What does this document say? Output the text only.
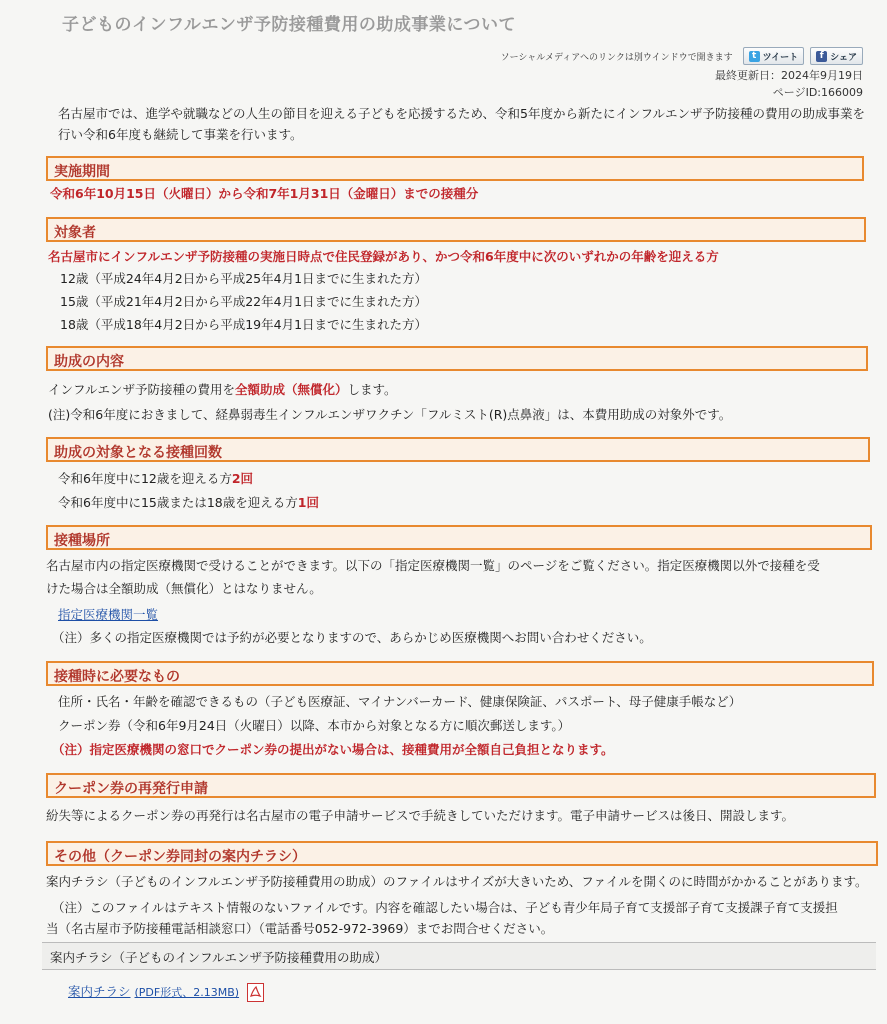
子どものインフルエンザ予防接種費用の助成事業について
ソーシャルメディアへのリンクは別ウインドウで開きます	t ツイート	f シェア
最終更新日：2024年9月19日
ページID:166009
名古屋市では、進学や就職などの人生の節目を迎える子どもを応援するため、令和5年度から新たにインフルエンザ予防接種の費用の助成事業を行い令和6年度も継続して事業を行います。
実施期間
令和6年10月15日（火曜日）から令和7年1月31日（金曜日）までの接種分
対象者
名古屋市にインフルエンザ予防接種の実施日時点で住民登録があり、かつ令和6年度中に次のいずれかの年齢を迎える方
12歳（平成24年4月2日から平成25年4月1日までに生まれた方）
15歳（平成21年4月2日から平成22年4月1日までに生まれた方）
18歳（平成18年4月2日から平成19年4月1日までに生まれた方）
助成の内容
インフルエンザ予防接種の費用を全額助成（無償化）します。
(注)令和6年度におきまして、経鼻弱毒生インフルエンザワクチン「フルミスト(R)点鼻液」は、本費用助成の対象外です。
助成の対象となる接種回数
令和6年度中に12歳を迎える方2回
令和6年度中に15歳または18歳を迎える方1回
接種場所
名古屋市内の指定医療機関で受けることができます。以下の「指定医療機関一覧」のページをご覧ください。指定医療機関以外で接種を受
けた場合は全額助成（無償化）とはなりません。
指定医療機関一覧
（注）多くの指定医療機関では予約が必要となりますので、あらかじめ医療機関へお問い合わせください。
接種時に必要なもの
住所・氏名・年齢を確認できるもの（子ども医療証、マイナンバーカード、健康保険証、パスポート、母子健康手帳など）
クーポン券（令和6年9月24日（火曜日）以降、本市から対象となる方に順次郵送します。）
（注）指定医療機関の窓口でクーポン券の提出がない場合は、接種費用が全額自己負担となります。
クーポン券の再発行申請
紛失等によるクーポン券の再発行は名古屋市の電子申請サービスで手続きしていただけます。電子申請サービスは後日、開設します。
その他（クーポン券同封の案内チラシ）
案内チラシ（子どものインフルエンザ予防接種費用の助成）のファイルはサイズが大きいため、ファイルを開くのに時間がかかることがあります。
（注）このファイルはテキスト情報のないファイルです。内容を確認したい場合は、子ども青少年局子育て支援部子育て支援課子育て支援担
当（名古屋市予防接種電話相談窓口）（電話番号052-972-3969）までお問合せください。
案内チラシ（子どものインフルエンザ予防接種費用の助成）
案内チラシ (PDF形式、2.13MB)
